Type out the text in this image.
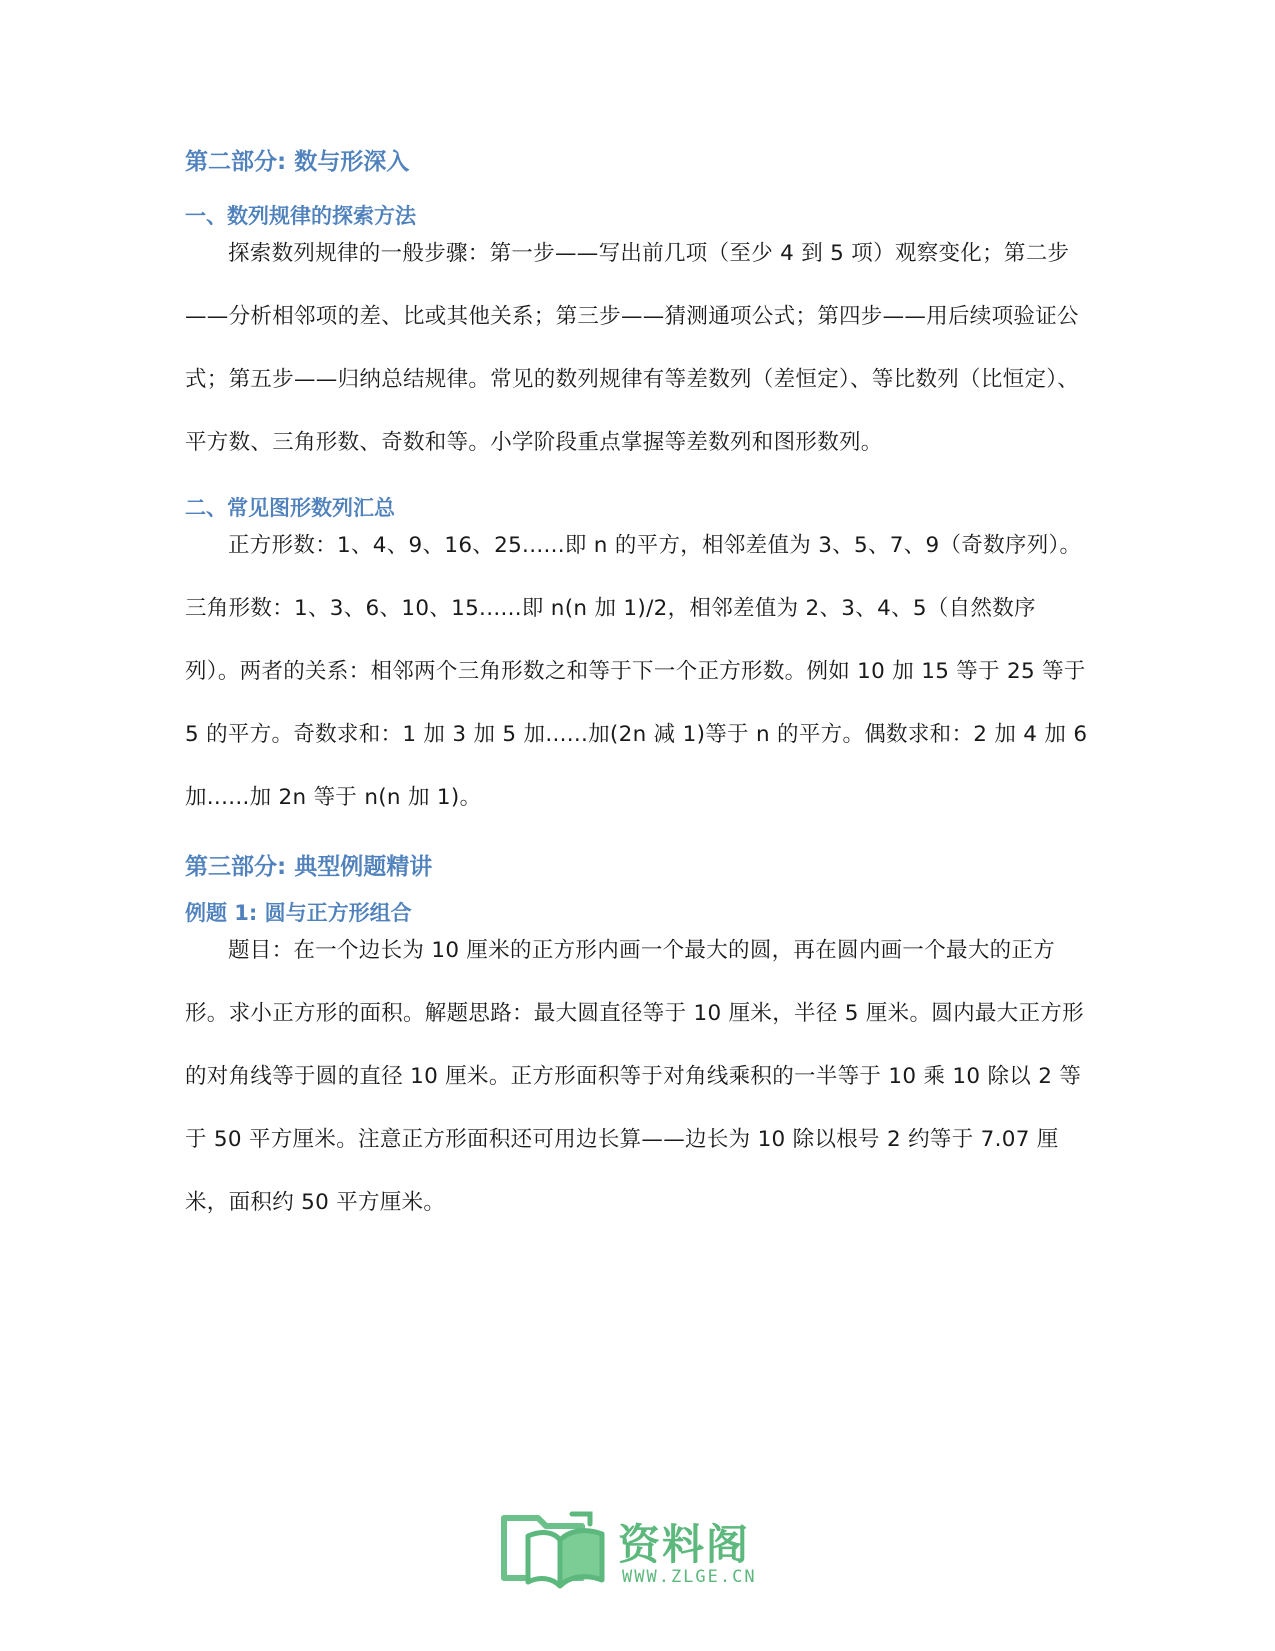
第二部分: 数与形深入
一、数列规律的探索方法

探索数列规律的一般步骤：第一步——写出前几项（至少 4 到 5 项）观察变化；第二步——分析相邻项的差、比或其他关系；第三步——猜测通项公式；第四步——用后续项验证公式；第五步——归纳总结规律。常见的数列规律有等差数列（差恒定）、等比数列（比恒定）、平方数、三角形数、奇数和等。小学阶段重点掌握等差数列和图形数列。

二、常见图形数列汇总

正方形数：1、4、9、16、25......即 n 的平方，相邻差值为 3、5、7、9（奇数序列）。三角形数：1、3、6、10、15......即 n(n 加 1)/2，相邻差值为 2、3、4、5（自然数序列）。两者的关系：相邻两个三角形数之和等于下一个正方形数。例如 10 加 15 等于 25 等于 5 的平方。奇数求和：1 加 3 加 5 加......加(2n 减 1)等于 n 的平方。偶数求和：2 加 4 加 6 加......加 2n 等于 n(n 加 1)。

第三部分: 典型例题精讲
例题 1: 圆与正方形组合

题目：在一个边长为 10 厘米的正方形内画一个最大的圆，再在圆内画一个最大的正方形。求小正方形的面积。解题思路：最大圆直径等于 10 厘米，半径 5 厘米。圆内最大正方形的对角线等于圆的直径 10 厘米。正方形面积等于对角线乘积的一半等于 10 乘 10 除以 2 等于 50 平方厘米。注意正方形面积还可用边长算——边长为 10 除以根号 2 约等于 7.07 厘米，面积约 50 平方厘米。

资料阁
WWW.ZLGE.CN
